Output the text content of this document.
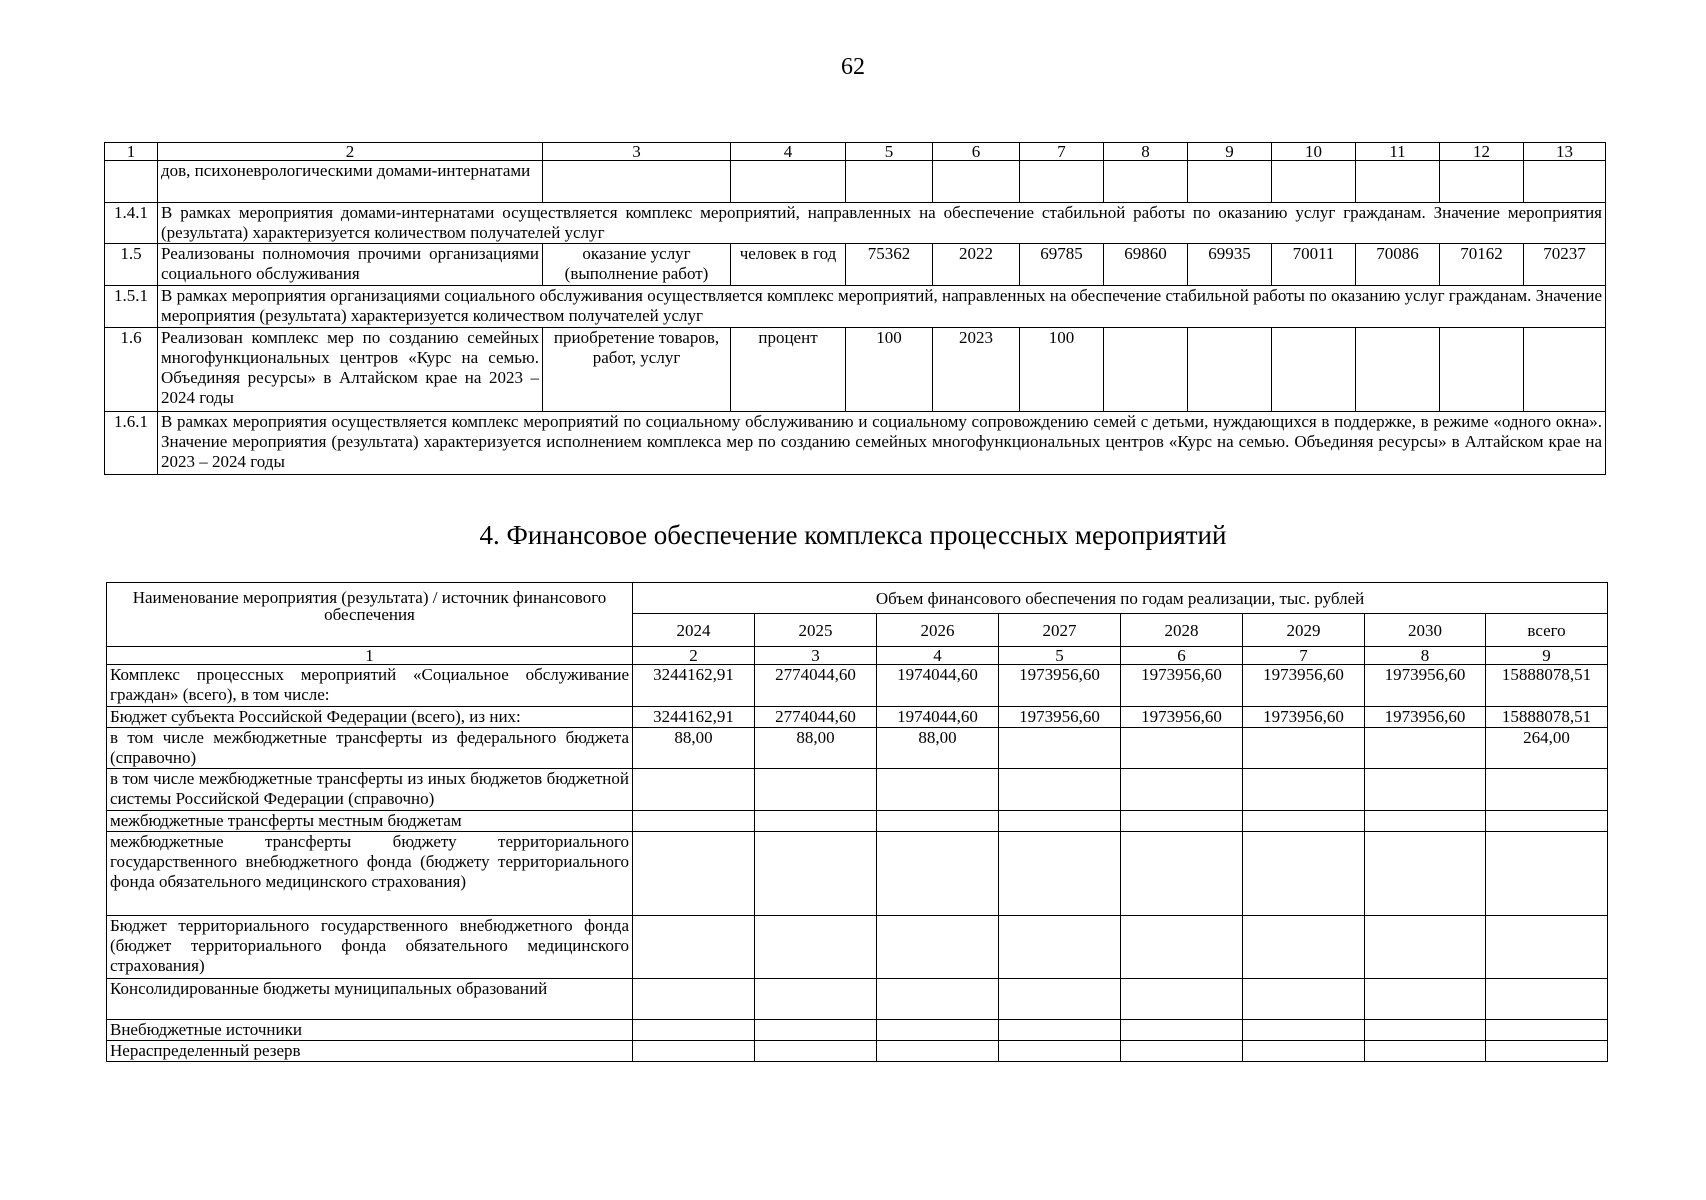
62
1	2	3	4	5	6	7	8	9	10	11	12	13
	дов, психоневрологическими домами-интернатами											
1.4.1	В рамках мероприятия домами-интернатами осуществляется комплекс мероприятий, направленных на обеспечение стабильной работы по оказанию услуг гражданам. Значение мероприятия (результата) характеризуется количеством получателей услуг											
1.5	Реализованы полномочия прочими организациями социального обслуживания	оказание услуг (выполнение работ)	человек в год	75362	2022	69785	69860	69935	70011	70086	70162	70237
1.5.1	В рамках мероприятия организациями социального обслуживания осуществляется комплекс мероприятий, направленных на обеспечение стабильной работы по оказанию услуг гражданам. Значение мероприятия (результата) характеризуется количеством получателей услуг											
1.6	Реализован комплекс мер по созданию семейных многофункциональных центров «Курс на семью. Объединяя ресурсы» в Алтайском крае на 2023 – 2024 годы	приобретение товаров, работ, услуг	процент	100	2023	100						
1.6.1	В рамках мероприятия осуществляется комплекс мероприятий по социальному обслуживанию и социальному сопровождению семей с детьми, нуждающихся в поддержке, в режиме «одного окна». Значение мероприятия (результата) характеризуется исполнением комплекса мер по созданию семейных многофункциональных центров «Курс на семью. Объединяя ресурсы» в Алтайском крае на 2023 – 2024 годы											
4. Финансовое обеспечение комплекса процессных мероприятий
Наименование мероприятия (результата) / источник финансового обеспечения	Объем финансового обеспечения по годам реализации, тыс. рублей							
	2024	2025	2026	2027	2028	2029	2030	всего
1	2	3	4	5	6	7	8	9
Комплекс процессных мероприятий «Социальное обслуживание граждан» (всего), в том числе:	3244162,91	2774044,60	1974044,60	1973956,60	1973956,60	1973956,60	1973956,60	15888078,51
Бюджет субъекта Российской Федерации (всего), из них:	3244162,91	2774044,60	1974044,60	1973956,60	1973956,60	1973956,60	1973956,60	15888078,51
в том числе межбюджетные трансферты из федерального бюджета (справочно)	88,00	88,00	88,00					264,00
в том числе межбюджетные трансферты из иных бюджетов бюджетной системы Российской Федерации (справочно)								
межбюджетные трансферты местным бюджетам								
межбюджетные трансферты бюджету территориального государственного внебюджетного фонда (бюджету территориального фонда обязательного медицинского страхования)								
Бюджет территориального государственного внебюджетного фонда (бюджет территориального фонда обязательного медицинского страхования)								
Консолидированные бюджеты муниципальных образований								
Внебюджетные источники								
Нераспределенный резерв								
